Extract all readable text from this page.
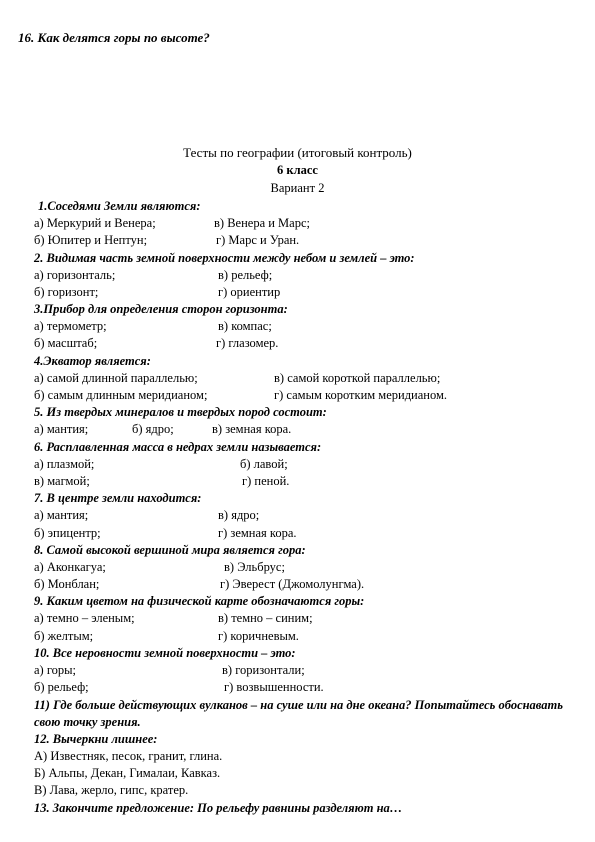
16. Как делятся горы по высоте?
Тесты по географии (итоговый контроль)
6 класс
Вариант 2
1.Соседями Земли являются:
а) Меркурий и Венера;	в) Венера и Марс;
б) Юпитер и Нептун;	г) Марс и Уран.
2. Видимая часть земной поверхности между небом и землей – это:
а) горизонталь;	в) рельеф;
б) горизонт;	г) ориентир
3.Прибор для определения сторон горизонта:
а) термометр;	в) компас;
б) масштаб;	г) глазомер.
4.Экватор является:
а) самой длинной параллелью;	в) самой короткой параллелью;
б) самым длинным меридианом;	г) самым коротким меридианом.
5. Из твердых минералов и твердых пород состоит:
а) мантия;	б) ядро;	в) земная кора.
6. Расплавленная масса в недрах земли называется:
а) плазмой;	б) лавой;
в) магмой;	г) пеной.
7. В центре земли находится:
а) мантия;	в) ядро;
б) эпицентр;	г) земная кора.
8. Самой высокой вершиной мира является гора:
а) Аконкагуа;	в) Эльбрус;
б) Монблан;	г) Эверест (Джомолунгма).
9. Каким цветом на физической карте обозначаются горы:
а) темно – эленым;	в) темно – синим;
б) желтым;	г) коричневым.
10. Все неровности земной поверхности – это:
а) горы;	в) горизонтали;
б) рельеф;	г) возвышенности.
11) Где больше действующих вулканов – на суше или на дне океана? Попытайтесь обоснавать свою точку зрения.
12. Вычеркни лишнее:
А) Известняк, песок, гранит, глина.
Б) Альпы, Декан, Гималаи, Кавказ.
В) Лава, жерло, гипс, кратер.
13. Закончите предложение: По рельефу равнины разделяют на…
